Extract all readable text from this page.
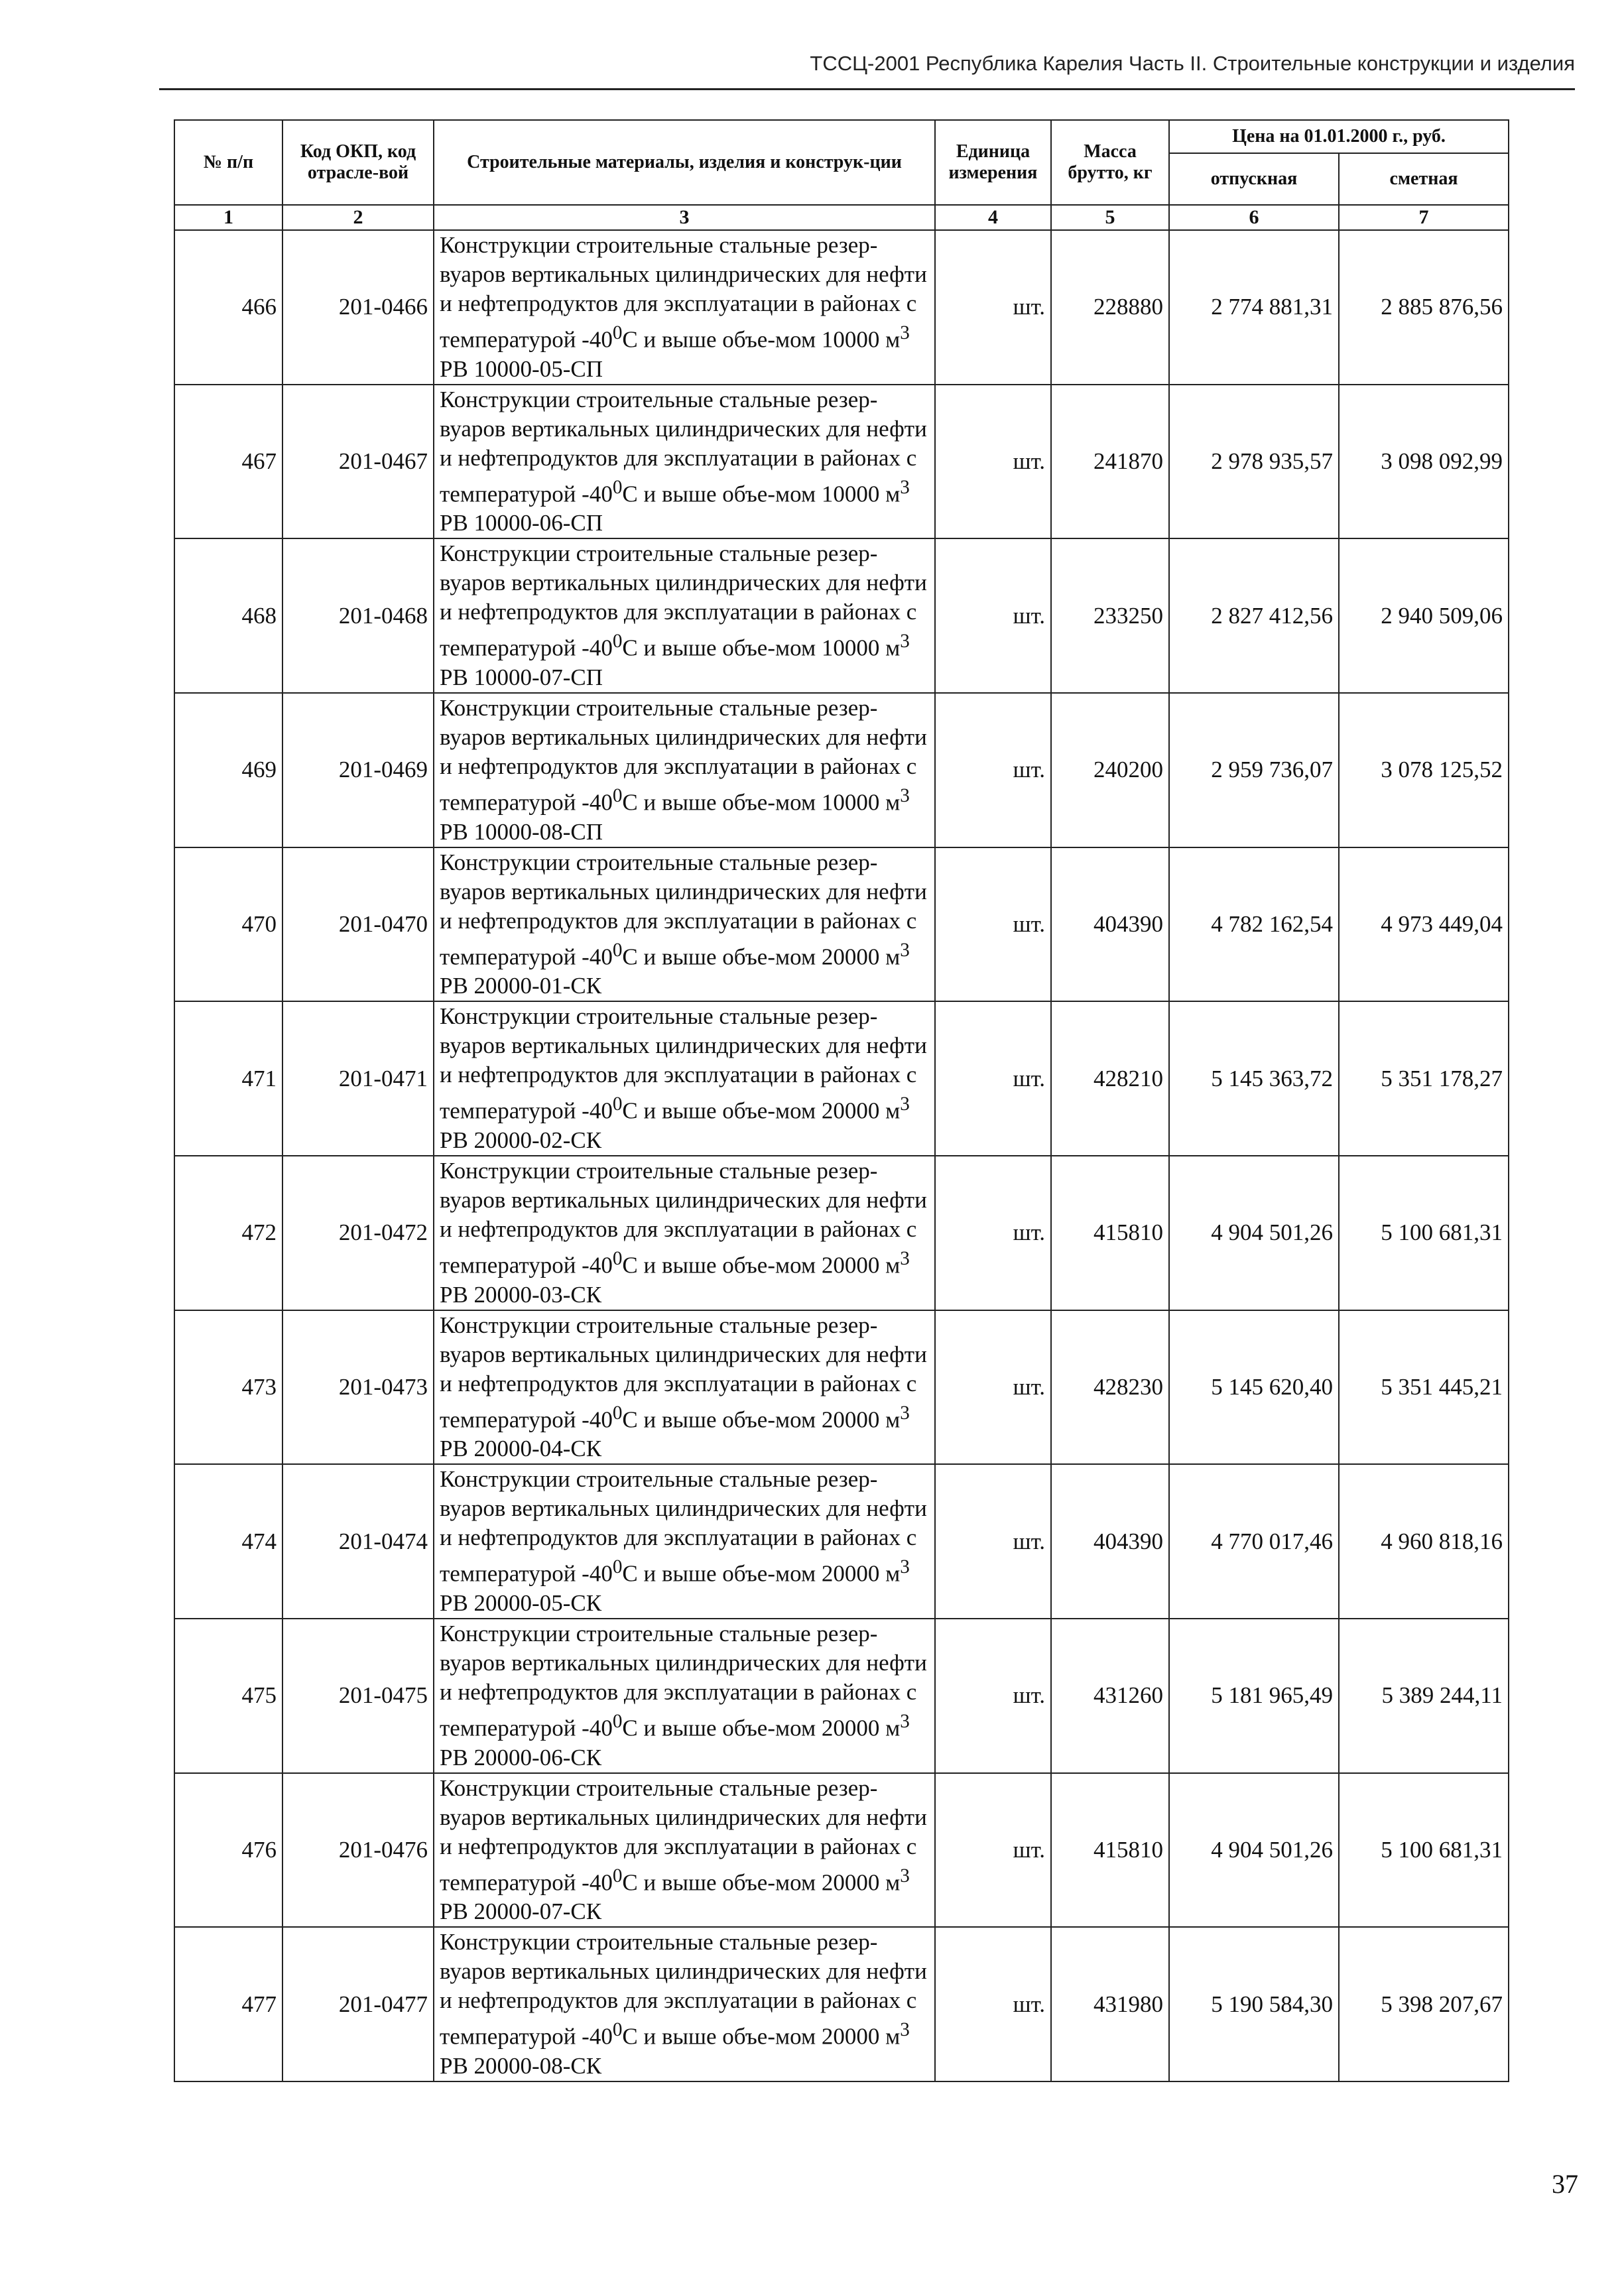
ТССЦ-2001 Республика Карелия Часть II. Строительные конструкции и изделия
№ п/п	Код ОКП, код отрасле-вой	Строительные материалы, изделия и конструк-ции	Единица измерения	Масса брутто, кг	Цена на 01.01.2000 г., руб.	
					отпускная	сметная
1	2	3	4	5	6	7
466	201-0466	Конструкции строительные стальные резер-вуаров вертикальных цилиндрических для нефти и нефтепродуктов для эксплуатации в районах с температурой $-40^0С$ и выше объе-мом 10000 $м^3$ РВ 10000-05-СП	шт.	228880	2 774 881,31	2 885 876,56
467	201-0467	Конструкции строительные стальные резер-вуаров вертикальных цилиндрических для нефти и нефтепродуктов для эксплуатации в районах с температурой $-40^0С$ и выше объе-мом 10000 $м^3$ РВ 10000-06-СП	шт.	241870	2 978 935,57	3 098 092,99
468	201-0468	Конструкции строительные стальные резер-вуаров вертикальных цилиндрических для нефти и нефтепродуктов для эксплуатации в районах с температурой $-40^0С$ и выше объе-мом 10000 $м^3$ РВ 10000-07-СП	шт.	233250	2 827 412,56	2 940 509,06
469	201-0469	Конструкции строительные стальные резер-вуаров вертикальных цилиндрических для нефти и нефтепродуктов для эксплуатации в районах с температурой $-40^0С$ и выше объе-мом 10000 $м^3$ РВ 10000-08-СП	шт.	240200	2 959 736,07	3 078 125,52
470	201-0470	Конструкции строительные стальные резер-вуаров вертикальных цилиндрических для нефти и нефтепродуктов для эксплуатации в районах с температурой $-40^0С$ и выше объе-мом 20000 $м^3$ РВ 20000-01-СК	шт.	404390	4 782 162,54	4 973 449,04
471	201-0471	Конструкции строительные стальные резер-вуаров вертикальных цилиндрических для нефти и нефтепродуктов для эксплуатации в районах с температурой $-40^0С$ и выше объе-мом 20000 $м^3$ РВ 20000-02-СК	шт.	428210	5 145 363,72	5 351 178,27
472	201-0472	Конструкции строительные стальные резер-вуаров вертикальных цилиндрических для нефти и нефтепродуктов для эксплуатации в районах с температурой $-40^0С$ и выше объе-мом 20000 $м^3$ РВ 20000-03-СК	шт.	415810	4 904 501,26	5 100 681,31
473	201-0473	Конструкции строительные стальные резер-вуаров вертикальных цилиндрических для нефти и нефтепродуктов для эксплуатации в районах с температурой $-40^0С$ и выше объе-мом 20000 $м^3$ РВ 20000-04-СК	шт.	428230	5 145 620,40	5 351 445,21
474	201-0474	Конструкции строительные стальные резер-вуаров вертикальных цилиндрических для нефти и нефтепродуктов для эксплуатации в районах с температурой $-40^0С$ и выше объе-мом 20000 $м^3$ РВ 20000-05-СК	шт.	404390	4 770 017,46	4 960 818,16
475	201-0475	Конструкции строительные стальные резер-вуаров вертикальных цилиндрических для нефти и нефтепродуктов для эксплуатации в районах с температурой $-40^0С$ и выше объе-мом 20000 $м^3$ РВ 20000-06-СК	шт.	431260	5 181 965,49	5 389 244,11
476	201-0476	Конструкции строительные стальные резер-вуаров вертикальных цилиндрических для нефти и нефтепродуктов для эксплуатации в районах с температурой $-40^0С$ и выше объе-мом 20000 $м^3$ РВ 20000-07-СК	шт.	415810	4 904 501,26	5 100 681,31
477	201-0477	Конструкции строительные стальные резер-вуаров вертикальных цилиндрических для нефти и нефтепродуктов для эксплуатации в районах с температурой $-40^0С$ и выше объе-мом 20000 $м^3$ РВ 20000-08-СК	шт.	431980	5 190 584,30	5 398 207,67
37
